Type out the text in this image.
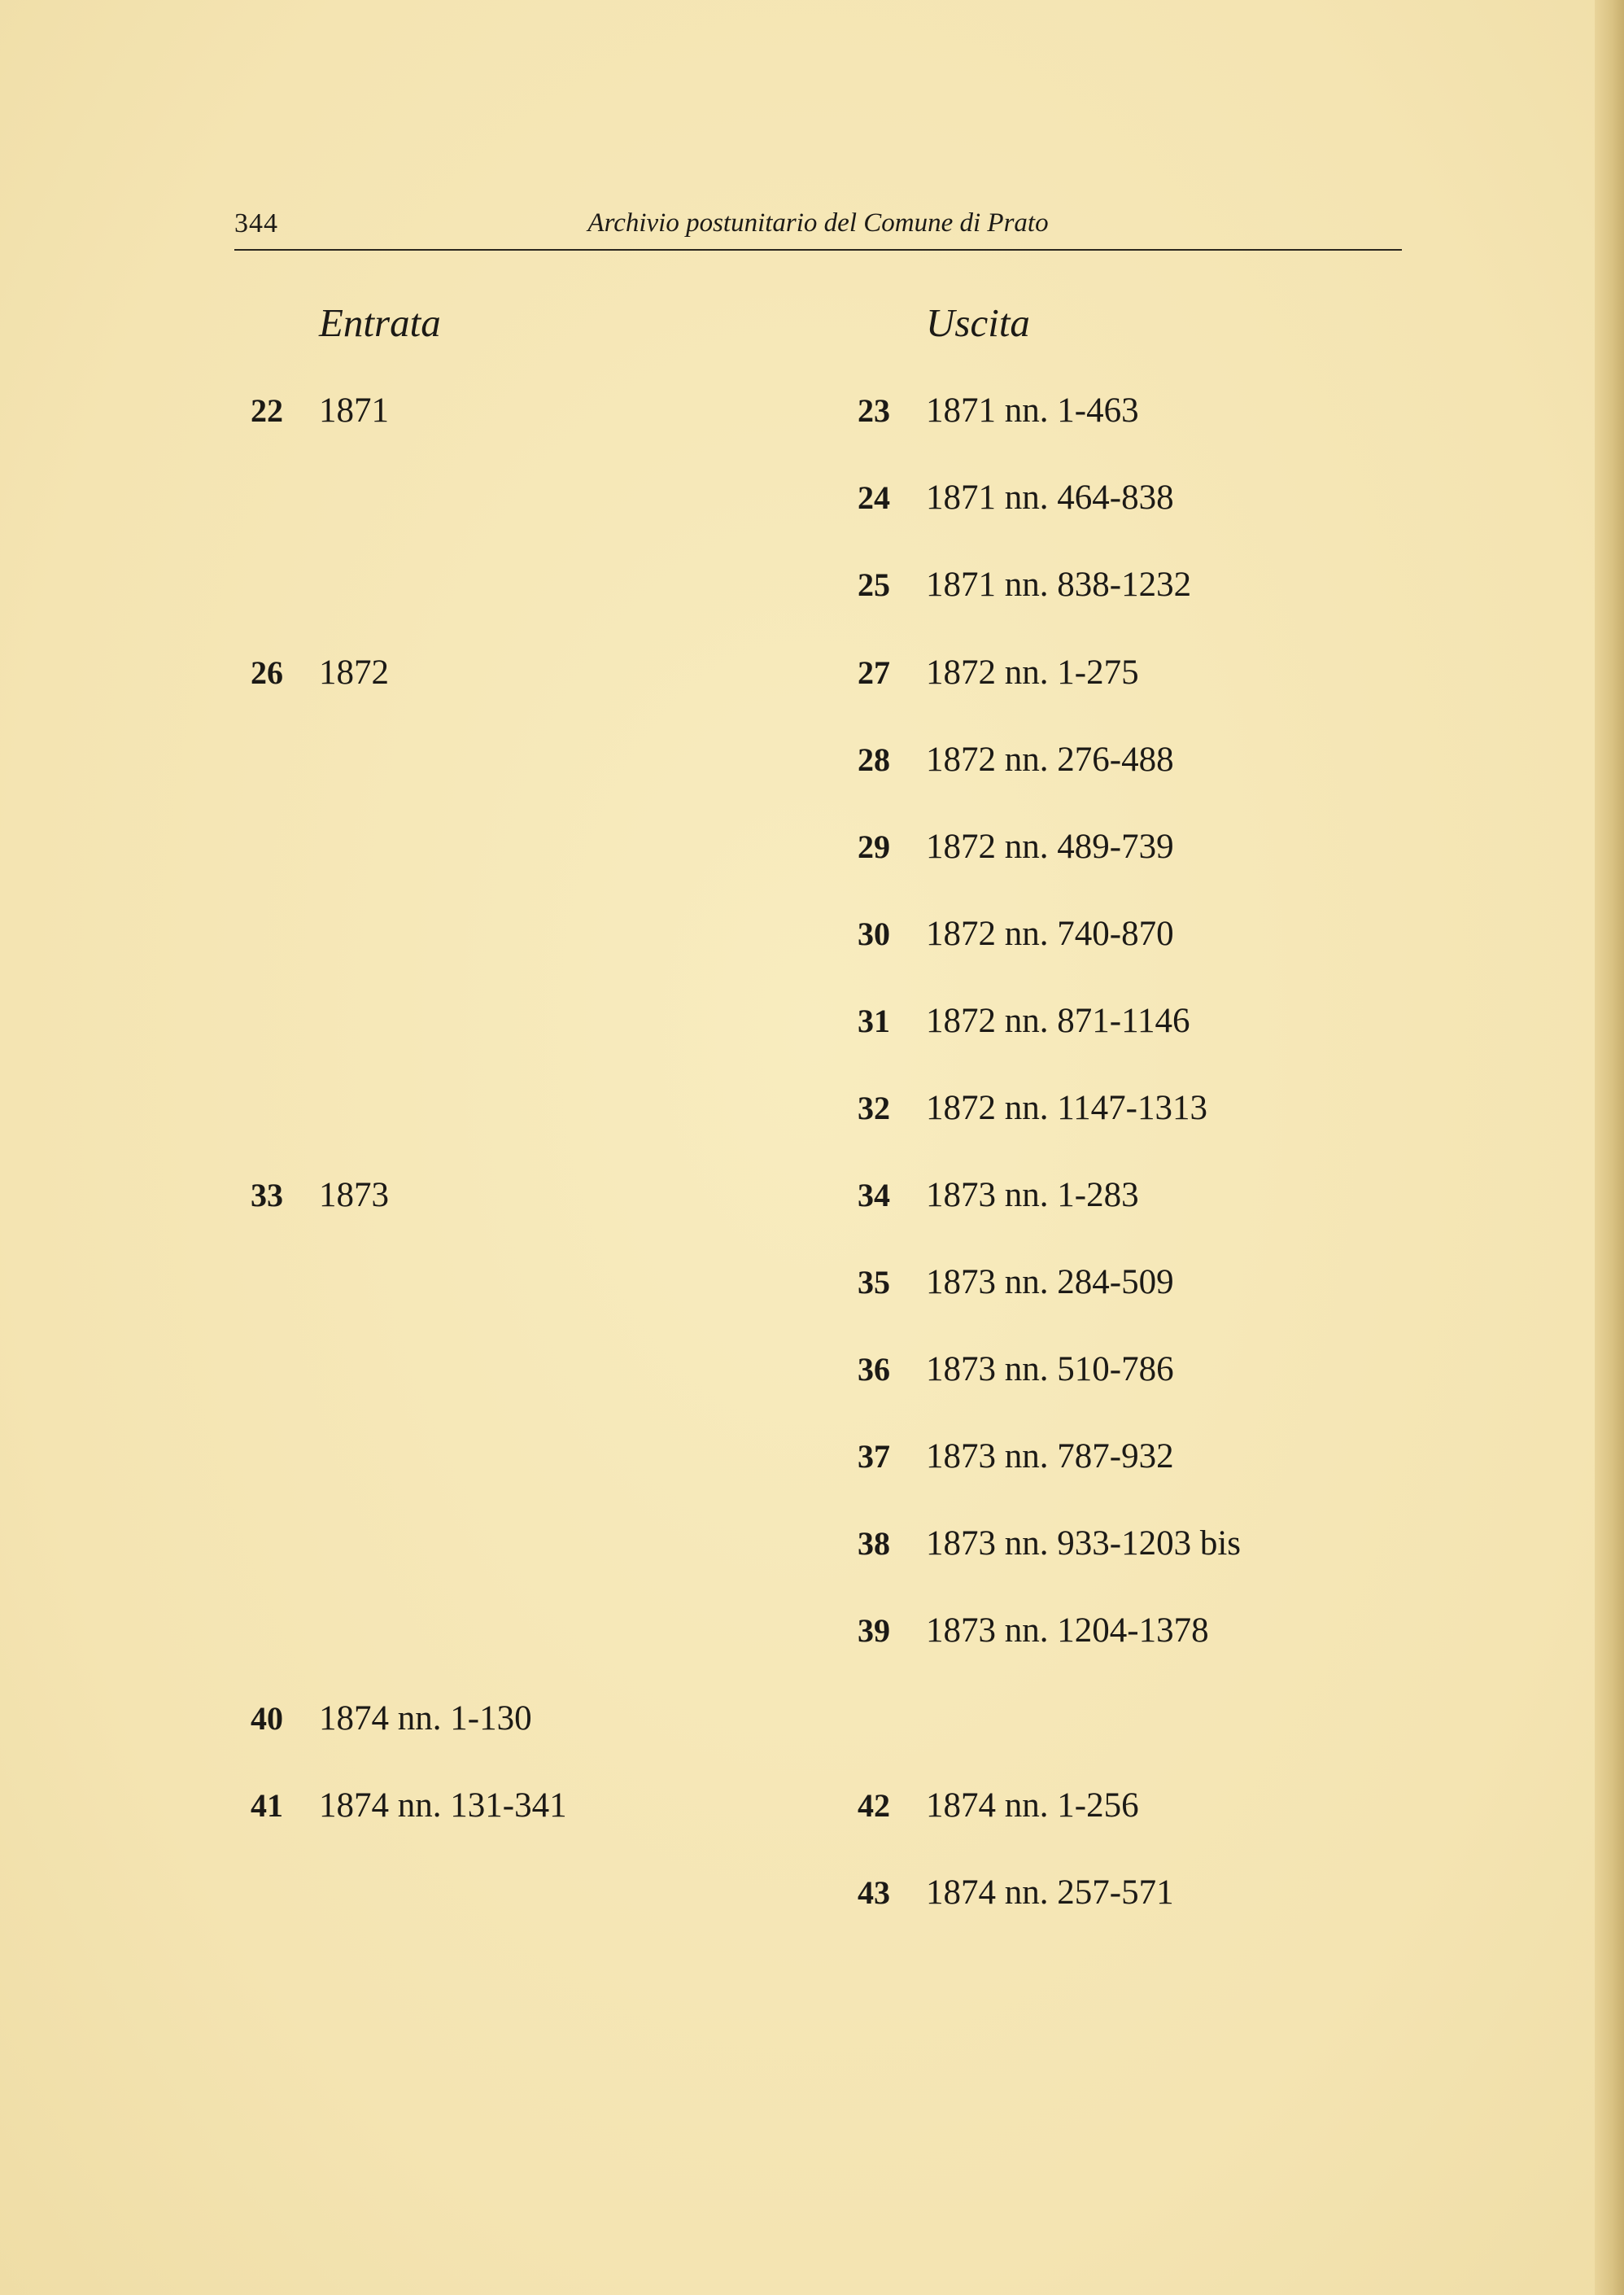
344	Archivio postunitario del Comune di Prato
Entrata	Uscita
22 1871
26 1872
33 1873
40 1874 nn. 1-130
41 1874 nn. 131-341
23 1871 nn. 1-463
24 1871 nn. 464-838
25 1871 nn. 838-1232
27 1872 nn. 1-275
28 1872 nn. 276-488
29 1872 nn. 489-739
30 1872 nn. 740-870
31 1872 nn. 871-1146
32 1872 nn. 1147-1313
34 1873 nn. 1-283
35 1873 nn. 284-509
36 1873 nn. 510-786
37 1873 nn. 787-932
38 1873 nn. 933-1203 bis
39 1873 nn. 1204-1378
42 1874 nn. 1-256
43 1874 nn. 257-571
